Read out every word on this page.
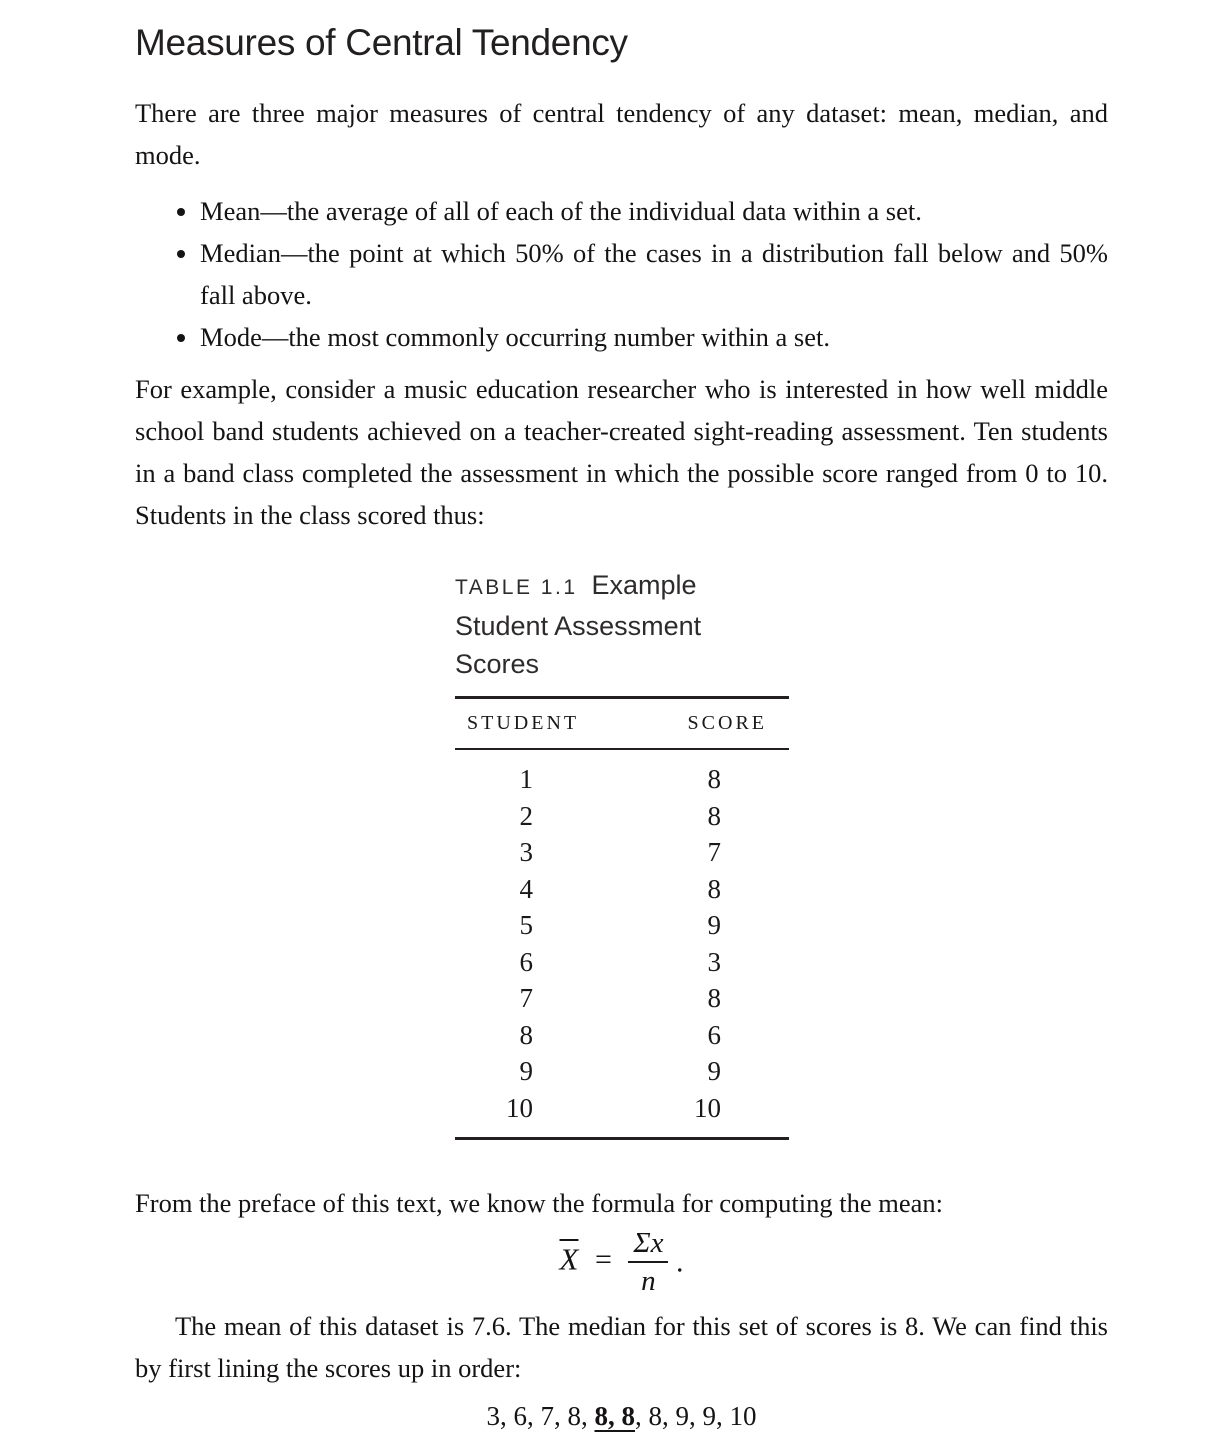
Measures of Central Tendency

There are three major measures of central tendency of any dataset: mean, median, and mode.

• Mean—the average of all of each of the individual data within a set.
• Median—the point at which 50% of the cases in a distribution fall below and 50% fall above.
• Mode—the most commonly occurring number within a set.

For example, consider a music education researcher who is interested in how well middle school band students achieved on a teacher-created sight-reading assessment. Ten students in a band class completed the assessment in which the possible score ranged from 0 to 10. Students in the class scored thus:

TABLE 1.1 Example Student Assessment Scores
STUDENT	SCORE
1	8
2	8
3	7
4	8
5	9
6	3
7	8
8	6
9	9
10	10

From the preface of this text, we know the formula for computing the mean:

$\overline{X} = \frac{\Sigma x}{n}$ .

The mean of this dataset is 7.6. The median for this set of scores is 8. We can find this by first lining the scores up in order:

3, 6, 7, 8, 8, 8, 8, 9, 9, 10
